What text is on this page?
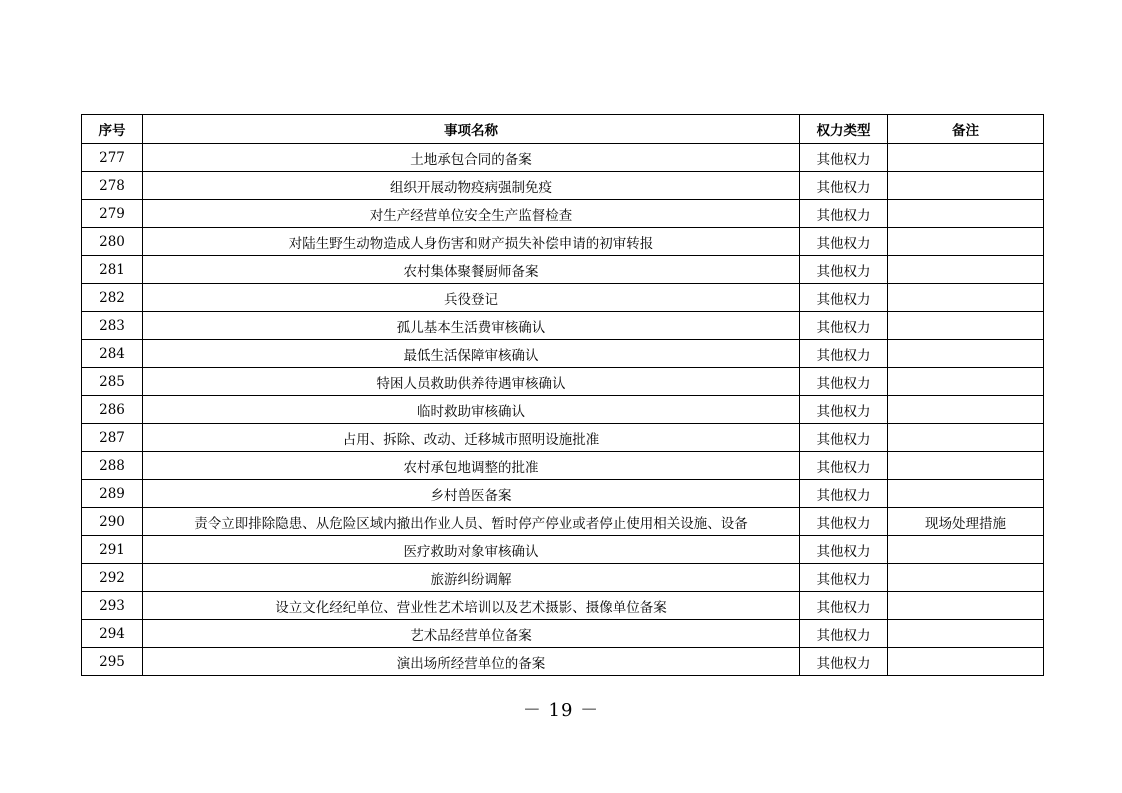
序号	事项名称	权力类型	备注
277	土地承包合同的备案	其他权力	
278	组织开展动物疫病强制免疫	其他权力	
279	对生产经营单位安全生产监督检查	其他权力	
280	对陆生野生动物造成人身伤害和财产损失补偿申请的初审转报	其他权力	
281	农村集体聚餐厨师备案	其他权力	
282	兵役登记	其他权力	
283	孤儿基本生活费审核确认	其他权力	
284	最低生活保障审核确认	其他权力	
285	特困人员救助供养待遇审核确认	其他权力	
286	临时救助审核确认	其他权力	
287	占用、拆除、改动、迁移城市照明设施批准	其他权力	
288	农村承包地调整的批准	其他权力	
289	乡村兽医备案	其他权力	
290	责令立即排除隐患、从危险区域内撤出作业人员、暂时停产停业或者停止使用相关设施、设备	其他权力	现场处理措施
291	医疗救助对象审核确认	其他权力	
292	旅游纠纷调解	其他权力	
293	设立文化经纪单位、营业性艺术培训以及艺术摄影、摄像单位备案	其他权力	
294	艺术品经营单位备案	其他权力	
295	演出场所经营单位的备案	其他权力	
－ 19 －
